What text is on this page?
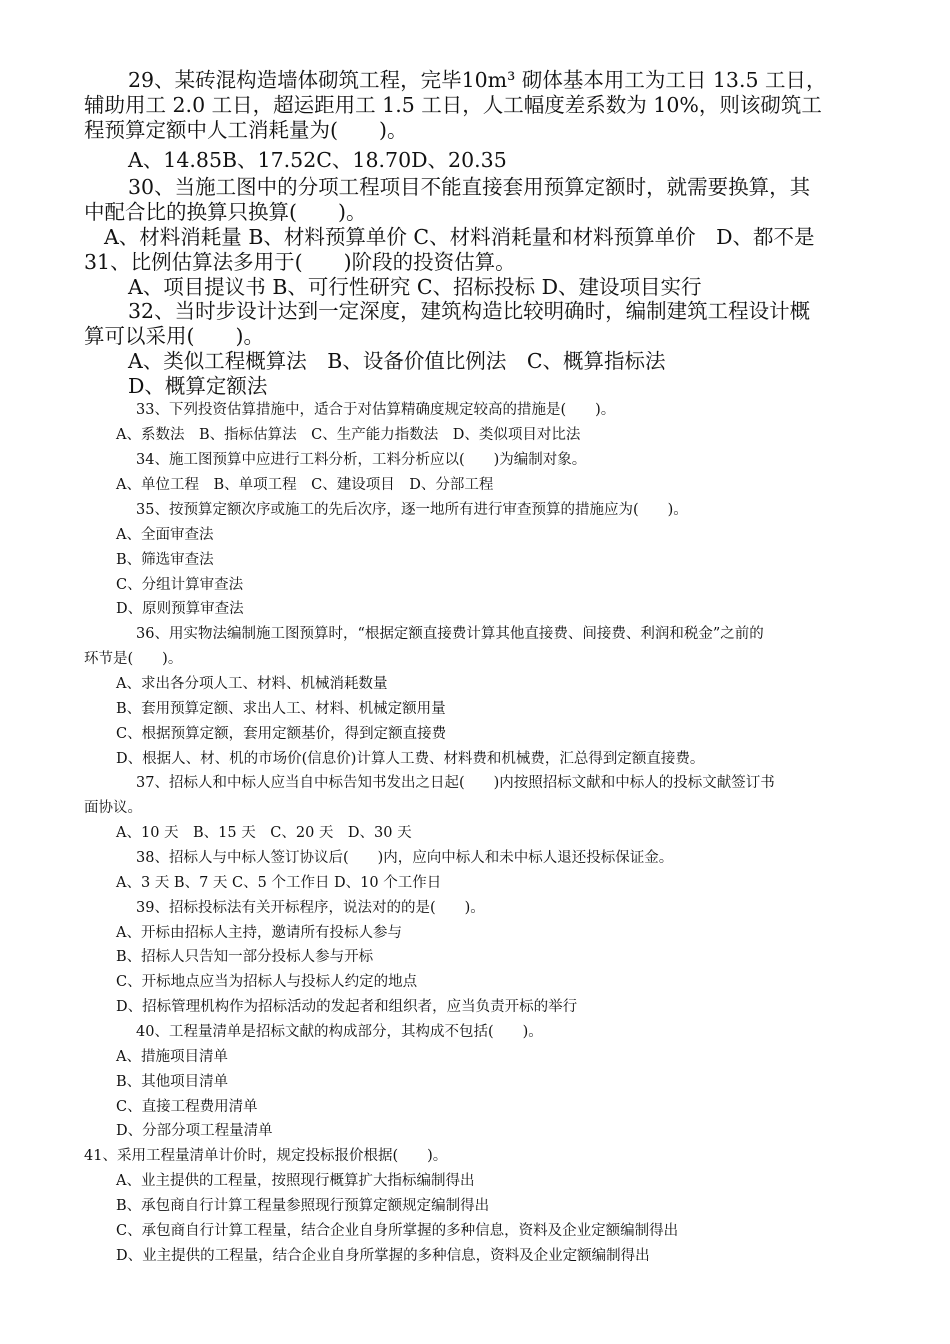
29、某砖混构造墙体砌筑工程，完毕10m³ 砌体基本用工为工日 13.5 工日，

辅助用工 2.0 工日，超运距用工 1.5 工日，人工幅度差系数为 10%，则该砌筑工

程预算定额中人工消耗量为(　　)。

A、14.85B、17.52C、18.70D、20.35

30、当施工图中的分项工程项目不能直接套用预算定额时，就需要换算，其

中配合比的换算只换算(　　)。

A、材料消耗量 B、材料预算单价 C、材料消耗量和材料预算单价　D、都不是

31、比例估算法多用于(　　)阶段的投资估算。

A、项目提议书 B、可行性研究 C、招标投标 D、建设项目实行

32、当时步设计达到一定深度，建筑构造比较明确时，编制建筑工程设计概

算可以采用(　　)。

A、类似工程概算法　B、设备价值比例法　C、概算指标法

D、概算定额法

33、下列投资估算措施中，适合于对估算精确度规定较高的措施是(　　)。

A、系数法　B、指标估算法　C、生产能力指数法　D、类似项目对比法

34、施工图预算中应进行工料分析，工料分析应以(　　)为编制对象。

A、单位工程　B、单项工程　C、建设项目　D、分部工程

35、按预算定额次序或施工的先后次序，逐一地所有进行审查预算的措施应为(　　)。

A、全面审查法

B、筛选审查法

C、分组计算审查法

D、原则预算审查法

36、用实物法编制施工图预算时，“根据定额直接费计算其他直接费、间接费、利润和税金”之前的

环节是(　　)。

A、求出各分项人工、材料、机械消耗数量

B、套用预算定额、求出人工、材料、机械定额用量

C、根据预算定额，套用定额基价，得到定额直接费

D、根据人、材、机的市场价(信息价)计算人工费、材料费和机械费，汇总得到定额直接费。

37、招标人和中标人应当自中标告知书发出之日起(　　)内按照招标文献和中标人的投标文献签订书

面协议。

A、10 天　B、15 天　C、20 天　D、30 天

38、招标人与中标人签订协议后(　　)内，应向中标人和未中标人退还投标保证金。

A、3 天 B、7 天 C、5 个工作日 D、10 个工作日

39、招标投标法有关开标程序，说法对的的是(　　)。

A、开标由招标人主持，邀请所有投标人参与

B、招标人只告知一部分投标人参与开标

C、开标地点应当为招标人与投标人约定的地点

D、招标管理机构作为招标活动的发起者和组织者，应当负责开标的举行

40、工程量清单是招标文献的构成部分，其构成不包括(　　)。

A、措施项目清单

B、其他项目清单

C、直接工程费用清单

D、分部分项工程量清单

41、采用工程量清单计价时，规定投标报价根据(　　)。

A、业主提供的工程量，按照现行概算扩大指标编制得出

B、承包商自行计算工程量参照现行预算定额规定编制得出

C、承包商自行计算工程量，结合企业自身所掌握的多种信息，资料及企业定额编制得出

D、业主提供的工程量，结合企业自身所掌握的多种信息，资料及企业定额编制得出
